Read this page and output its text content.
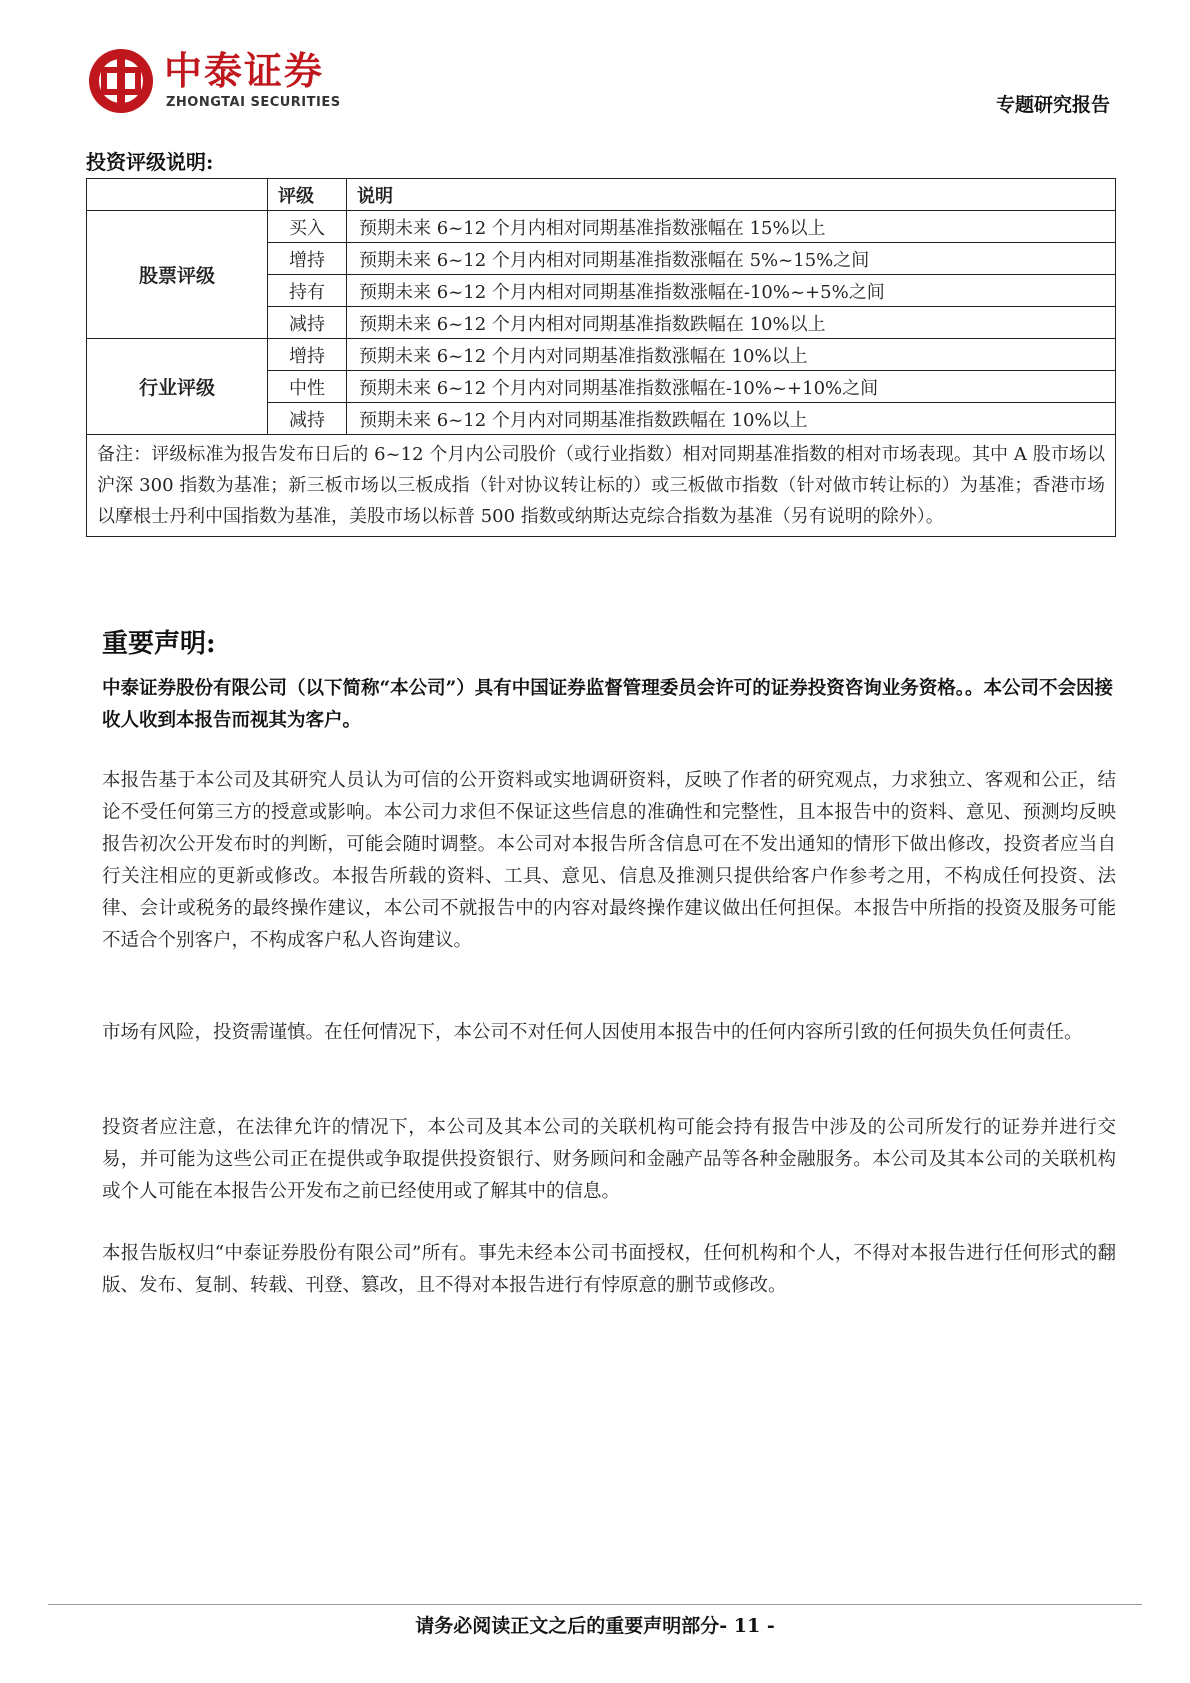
中泰证券
ZHONGTAI SECURITIES	专题研究报告
投资评级说明:
	评级	说明
股票评级	买入	预期未来 6~12 个月内相对同期基准指数涨幅在 15%以上
	增持	预期未来 6~12 个月内相对同期基准指数涨幅在 5%~15%之间
	持有	预期未来 6~12 个月内相对同期基准指数涨幅在-10%~+5%之间
	减持	预期未来 6~12 个月内相对同期基准指数跌幅在 10%以上
行业评级	增持	预期未来 6~12 个月内对同期基准指数涨幅在 10%以上
	中性	预期未来 6~12 个月内对同期基准指数涨幅在-10%~+10%之间
	减持	预期未来 6~12 个月内对同期基准指数跌幅在 10%以上
备注：评级标准为报告发布日后的 6~12 个月内公司股价（或行业指数）相对同期基准指数的相对市场表现。其中 A 股市场以沪深 300 指数为基准；新三板市场以三板成指（针对协议转让标的）或三板做市指数（针对做市转让标的）为基准；香港市场以摩根士丹利中国指数为基准，美股市场以标普 500 指数或纳斯达克综合指数为基准（另有说明的除外）。		
重要声明:
中泰证券股份有限公司（以下简称“本公司”）具有中国证券监督管理委员会许可的证券投资咨询业务资格。。本公司不会因接收人收到本报告而视其为客户。
本报告基于本公司及其研究人员认为可信的公开资料或实地调研资料，反映了作者的研究观点，力求独立、客观和公正，结论不受任何第三方的授意或影响。本公司力求但不保证这些信息的准确性和完整性，且本报告中的资料、意见、预测均反映报告初次公开发布时的判断，可能会随时调整。本公司对本报告所含信息可在不发出通知的情形下做出修改，投资者应当自行关注相应的更新或修改。本报告所载的资料、工具、意见、信息及推测只提供给客户作参考之用，不构成任何投资、法律、会计或税务的最终操作建议，本公司不就报告中的内容对最终操作建议做出任何担保。本报告中所指的投资及服务可能不适合个别客户，不构成客户私人咨询建议。
市场有风险，投资需谨慎。在任何情况下，本公司不对任何人因使用本报告中的任何内容所引致的任何损失负任何责任。
投资者应注意，在法律允许的情况下，本公司及其本公司的关联机构可能会持有报告中涉及的公司所发行的证券并进行交易，并可能为这些公司正在提供或争取提供投资银行、财务顾问和金融产品等各种金融服务。本公司及其本公司的关联机构或个人可能在本报告公开发布之前已经使用或了解其中的信息。
本报告版权归“中泰证券股份有限公司”所有。事先未经本公司书面授权，任何机构和个人，不得对本报告进行任何形式的翻版、发布、复制、转载、刊登、篡改，且不得对本报告进行有悖原意的删节或修改。
请务必阅读正文之后的重要声明部分- 11 -
